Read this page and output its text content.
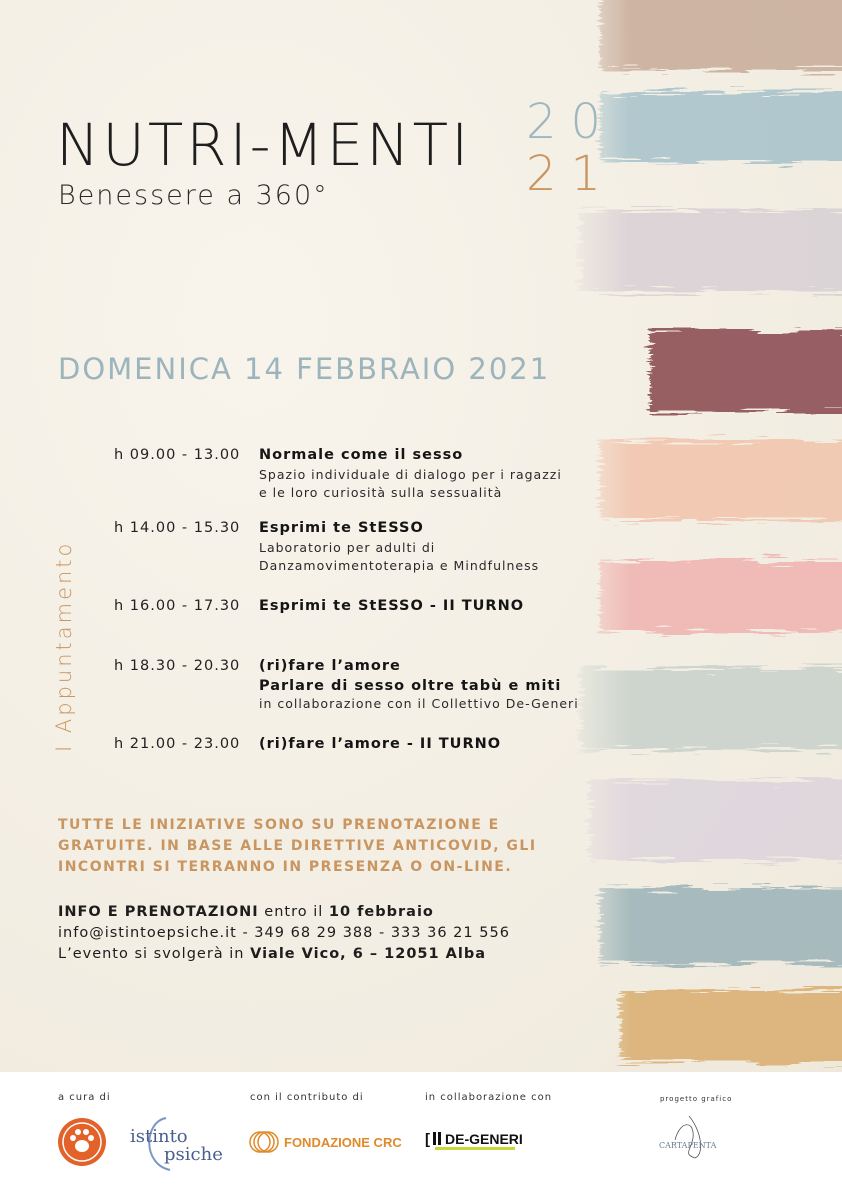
NUTRI-MENTI
Benessere a 360°
20
21
DOMENICA 14 FEBBRAIO 2021
I Appuntamento
h 09.00 - 13.00 Normale come il sesso
Spazio individuale di dialogo per i ragazzi
e le loro curiosità sulla sessualità
h 14.00 - 15.30 Esprimi te StESSO
Laboratorio per adulti di
Danzamovimentoterapia e Mindfulness
h 16.00 - 17.30 Esprimi te StESSO - II TURNO
h 18.30 - 20.30 (ri)fare l’amore
Parlare di sesso oltre tabù e miti
in collaborazione con il Collettivo De-Generi
h 21.00 - 23.00 (ri)fare l’amore - II TURNO
TUTTE LE INIZIATIVE SONO SU PRENOTAZIONE E GRATUITE. IN BASE ALLE DIRETTIVE ANTICOVID, GLI INCONTRI SI TERRANNO IN PRESENZA O ON-LINE.
INFO E PRENOTAZIONI entro il 10 febbraio
info@istintoepsiche.it - 349 68 29 388 - 333 36 21 556
L’evento si svolgerà in Viale Vico, 6 – 12051 Alba
a cura di	con il contributo di	in collaborazione con	progetto grafico
istinto
psiche
FONDAZIONE CRC [ DE-GENERI	CARTAPENTA
